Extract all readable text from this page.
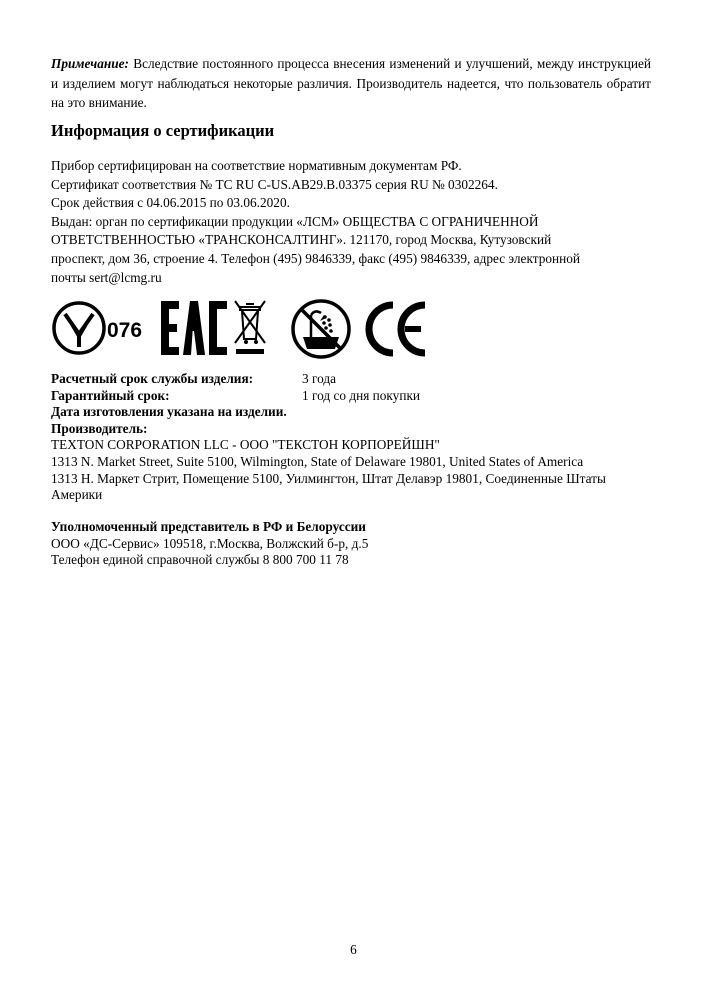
Примечание: Вследствие постоянного процесса внесения изменений и улучшений, между инструкцией и изделием могут наблюдаться некоторые различия. Производитель надеется, что пользователь обратит на это внимание.

Информация о сертификации
Прибор сертифицирован на соответствие нормативным документам РФ.
Сертификат соответствия № TC RU C-US.AB29.B.03375 серия RU № 0302264.
Срок действия с 04.06.2015 по 03.06.2020.
Выдан: орган по сертификации продукции «ЛСМ» ОБЩЕСТВА С ОГРАНИЧЕННОЙ
ОТВЕТСТВЕННОСТЬЮ «ТРАНСКОНСАЛТИНГ». 121170, город Москва, Кутузовский
проспект, дом 36, строение 4. Телефон (495) 9846339, факс (495) 9846339, адрес электронной
почты sert@lcmg.ru
076
Расчетный срок службы изделия:	3 года
Гарантийный срок:	1 год со дня покупки
Дата изготовления указана на изделии.
Производитель:
TEXTON CORPORATION LLC - ООО "ТЕКСТОН КОРПОРЕЙШН"
1313 N. Market Street, Suite 5100, Wilmington, State of Delaware 19801, United States of America
1313 Н. Маркет Стрит, Помещение 5100, Уилмингтон, Штат Делавэр 19801, Соединенные Штаты
Америки
Уполномоченный представитель в РФ и Белоруссии
ООО «ДС-Сервис» 109518, г.Москва, Волжский б-р, д.5
Телефон единой справочной службы 8 800 700 11 78
6
